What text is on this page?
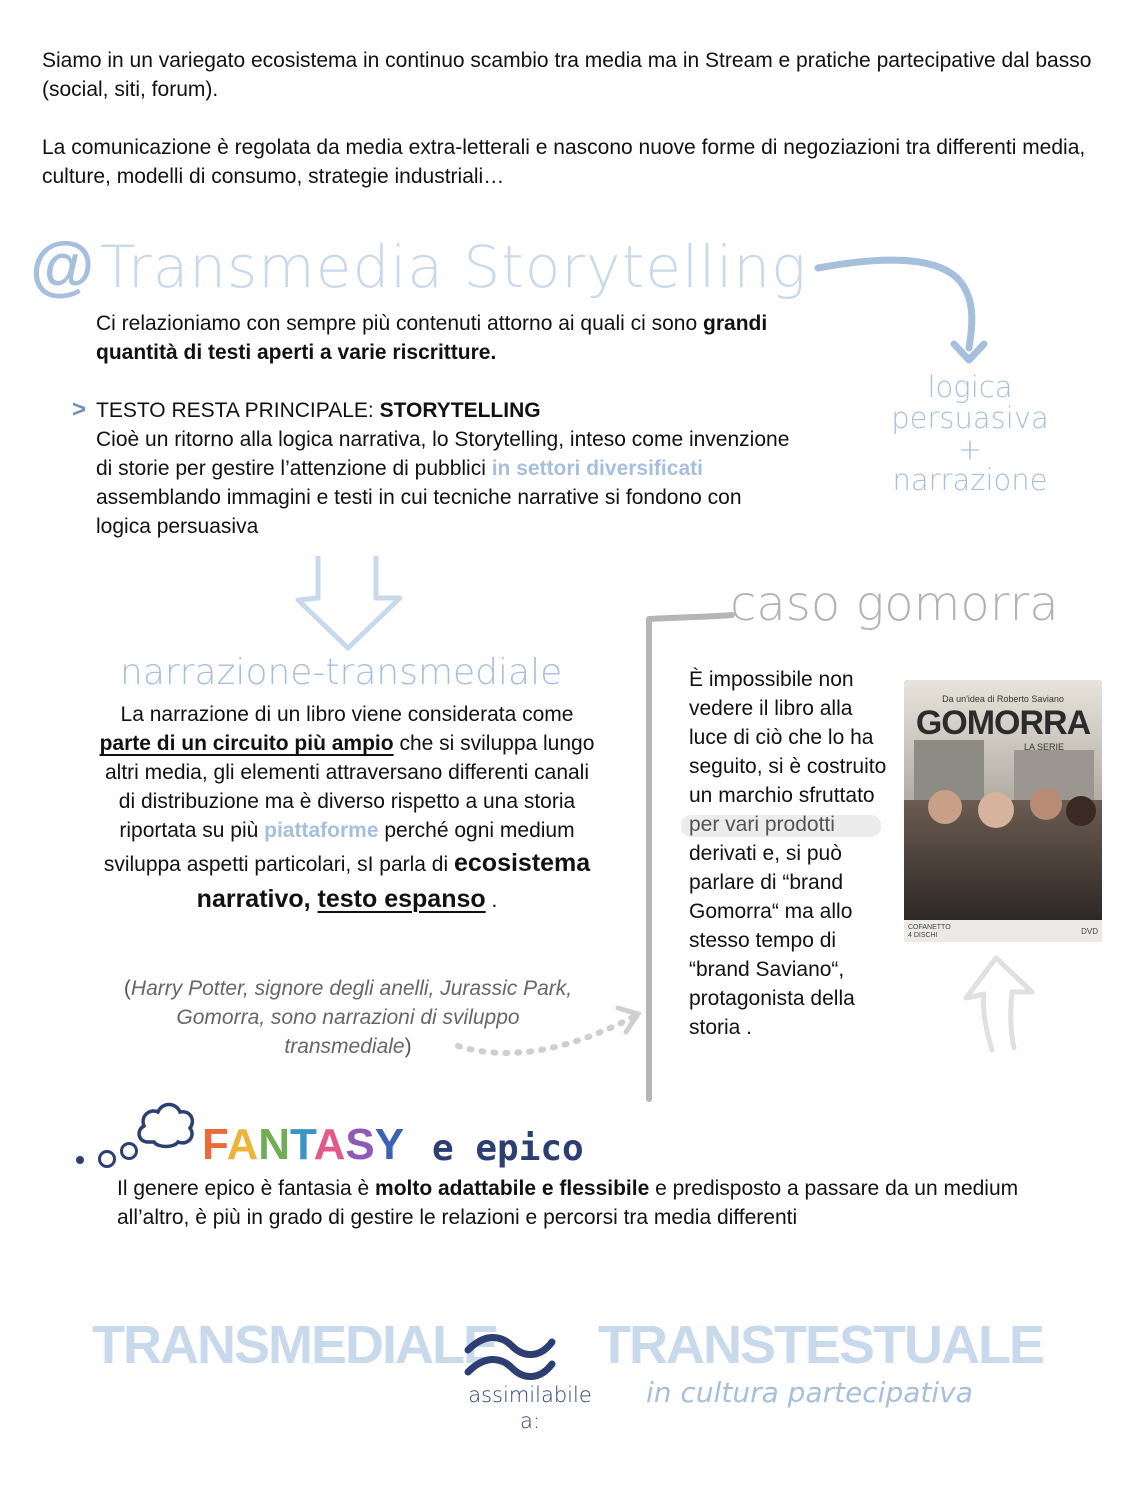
Siamo in un variegato ecosistema in continuo scambio tra media ma in Stream e pratiche partecipative dal basso (social, siti, forum).

La comunicazione è regolata da media extra-letterali e nascono nuove forme di negoziazioni tra differenti media, culture, modelli di consumo, strategie industriali…

@ Transmedia Storytelling
logica
persuasiva
+
narrazione

Ci relazioniamo con sempre più contenuti attorno ai quali ci sono grandi quantità di testi aperti a varie riscritture.

> TESTO RESTA PRINCIPALE: STORYTELLING
Cioè un ritorno alla logica narrativa, lo Storytelling, inteso come invenzione di storie per gestire l’attenzione di pubblici in settori diversificati assemblando immagini e testi in cui tecniche narrative si fondono con logica persuasiva

narrazione-transmediale
La narrazione di un libro viene considerata come parte di un circuito più ampio che si sviluppa lungo altri media, gli elementi attraversano differenti canali di distribuzione ma è diverso rispetto a una storia riportata su più piattaforme perché ogni medium sviluppa aspetti particolari, sI parla di ecosistema narrativo, testo espanso .
(Harry Potter, signore degli anelli, Jurassic Park, Gomorra, sono narrazioni di sviluppo transmediale)
caso gomorra

È impossibile non vedere il libro alla luce di ciò che lo ha seguito, si è costruito un marchio sfruttato per vari prodotti derivati e, si può parlare di “brand Gomorra“ ma allo stesso tempo di “brand Saviano“, protagonista della storia .

Da un'idea di Roberto Saviano
GOMORRA
LA SERIE
COFANETTO 4 DISCHI	DVD
FANTASY e epico

Il genere epico è fantasia è molto adattabile e flessibile e predisposto a passare da un medium all’altro, è più in grado di gestire le relazioni e percorsi tra media differenti

TRANSMEDIALE
assimilabile a:
TRANSTESTUALE
in cultura partecipativa
